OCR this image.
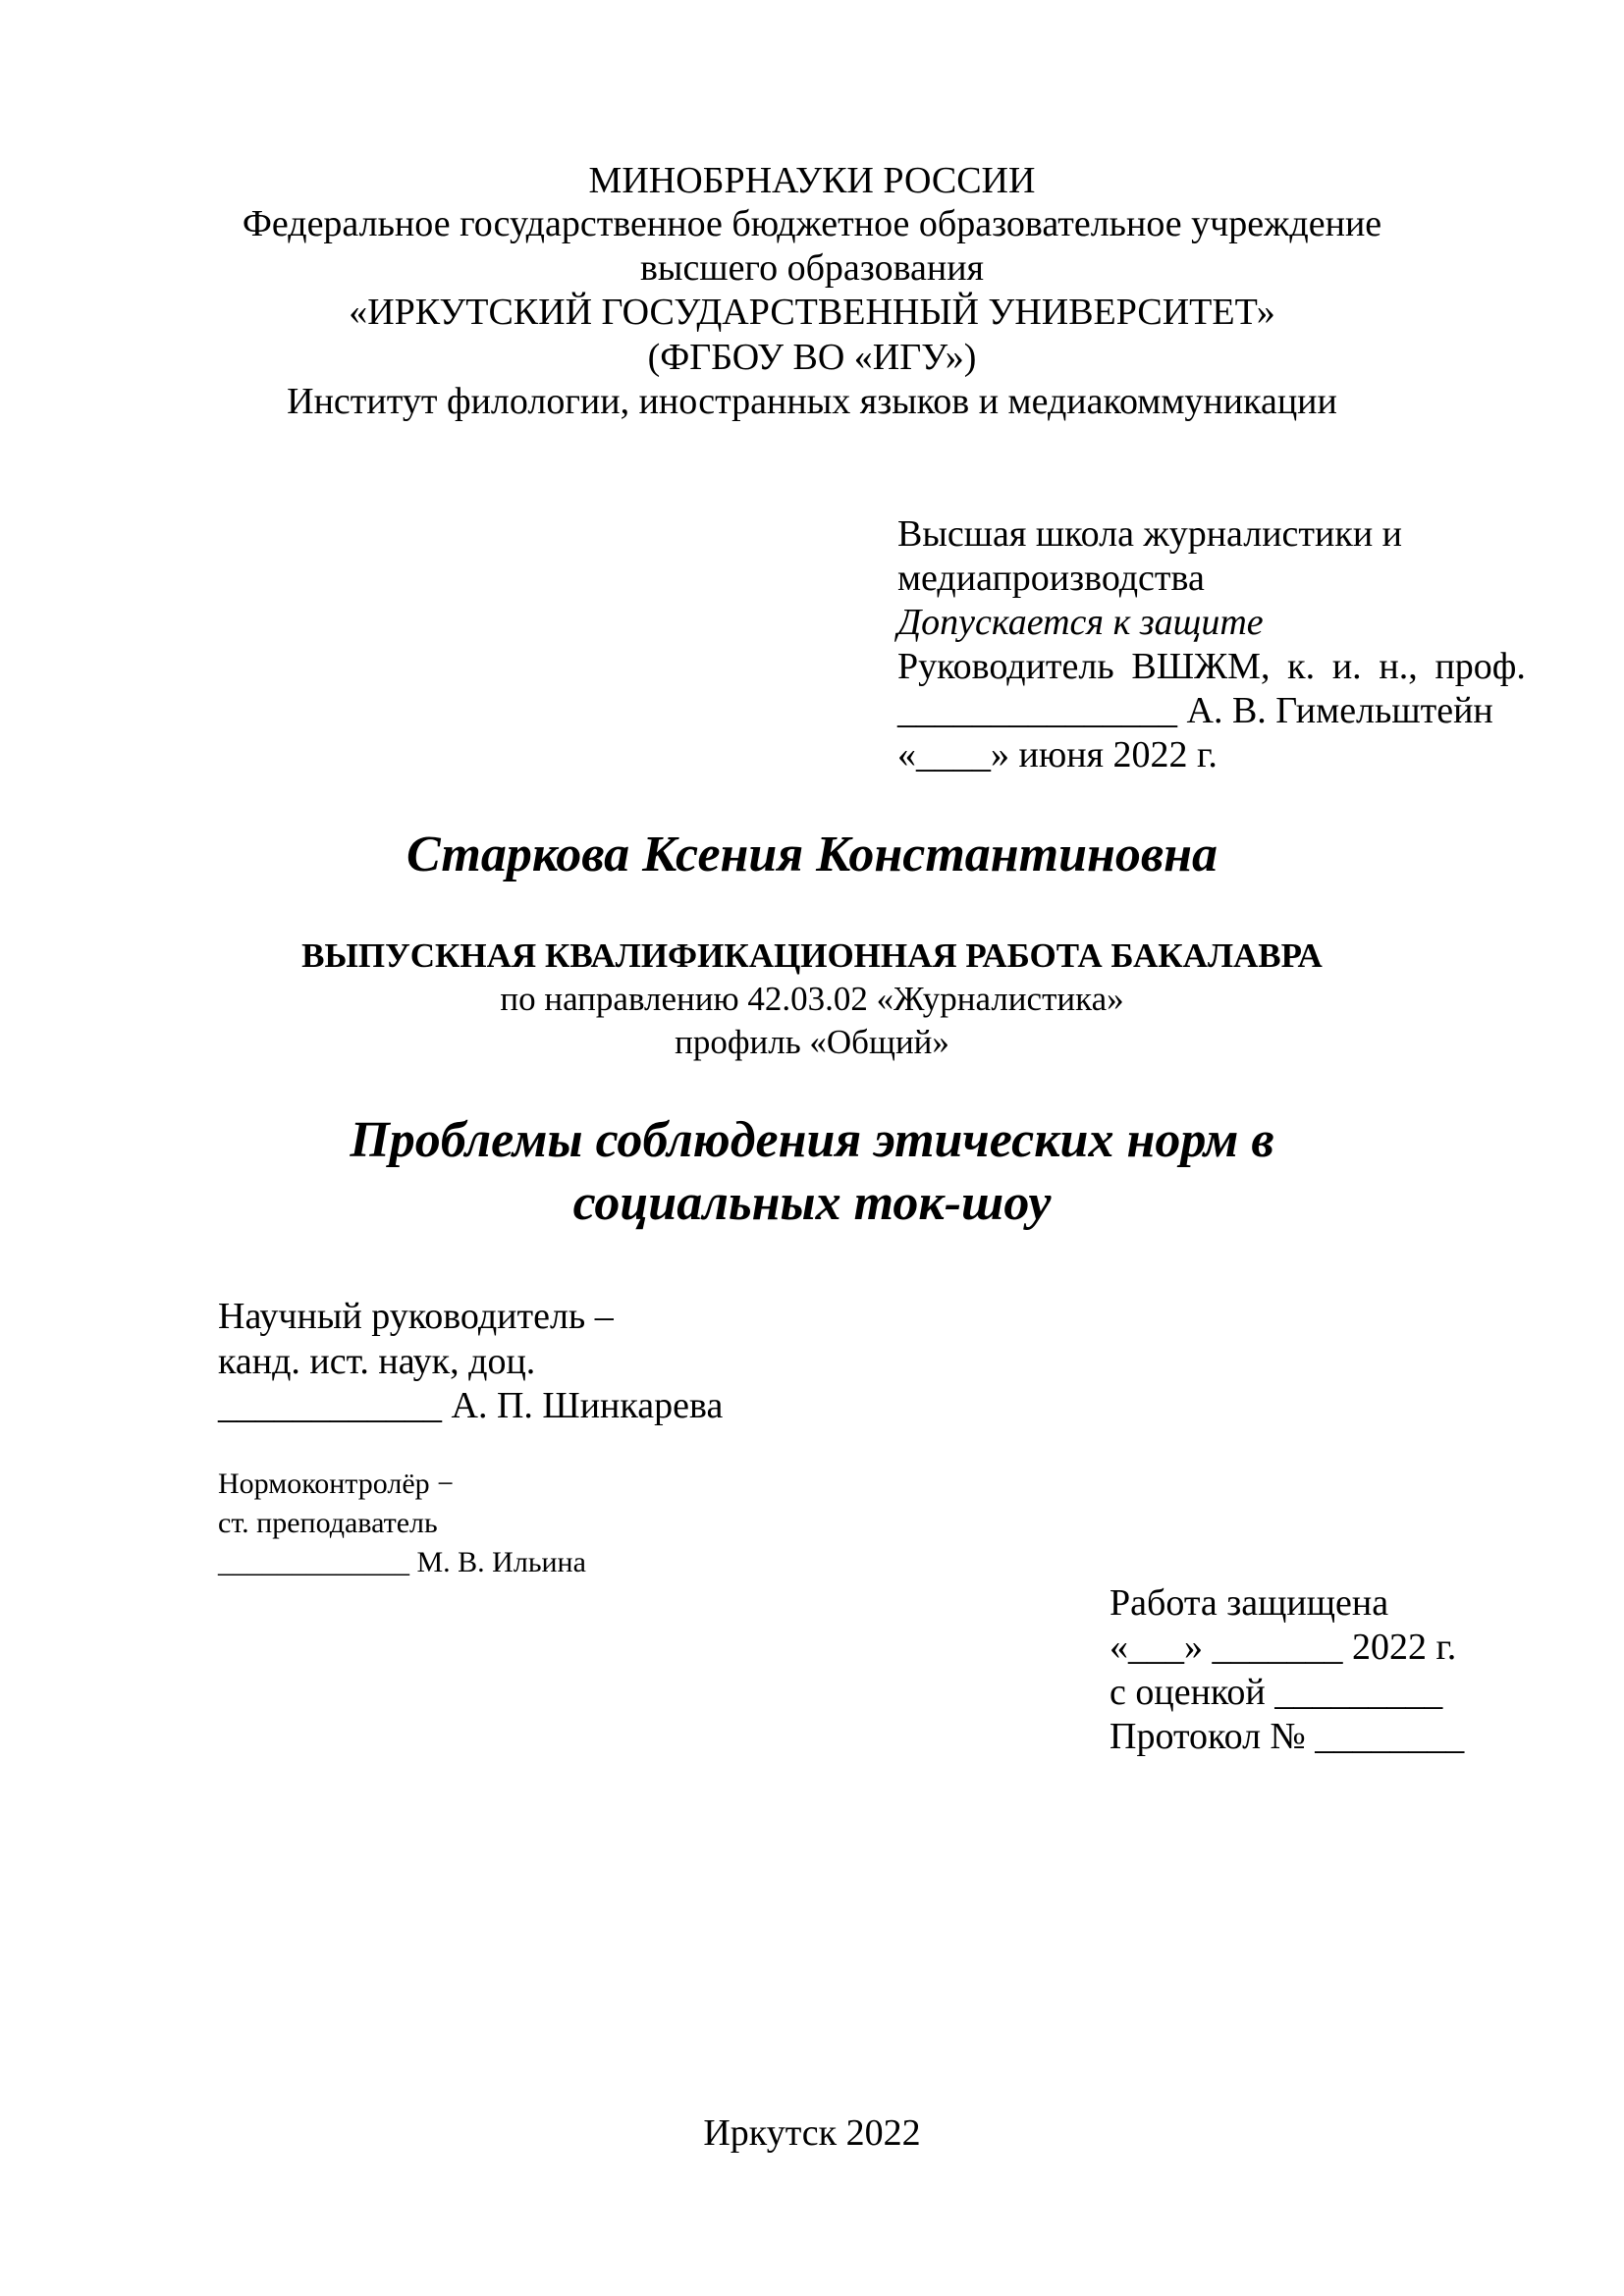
МИНОБРНАУКИ РОССИИ
Федеральное государственное бюджетное образовательное учреждение
высшего образования
«ИРКУТСКИЙ ГОСУДАРСТВЕННЫЙ УНИВЕРСИТЕТ»
(ФГБОУ ВО «ИГУ»)
Институт филологии, иностранных языков и медиакоммуникации
Высшая школа журналистики и
медиапроизводства
Допускается к защите
Руководитель ВШЖМ, к. и. н., проф.
_______________ А. В. Гимельштейн
«____» июня 2022 г.
Старкова Ксения Константиновна
ВЫПУСКНАЯ КВАЛИФИКАЦИОННАЯ РАБОТА БАКАЛАВРА
по направлению 42.03.02 «Журналистика»
профиль «Общий»
Проблемы соблюдения этических норм в
социальных ток-шоу
Научный руководитель –
канд. ист. наук, доц.
____________ А. П. Шинкарева
Нормоконтролёр −
ст. преподаватель
_____________ М. В. Ильина
Работа защищена
«___» _______ 2022 г.
с оценкой _________
Протокол № ________
Иркутск 2022
